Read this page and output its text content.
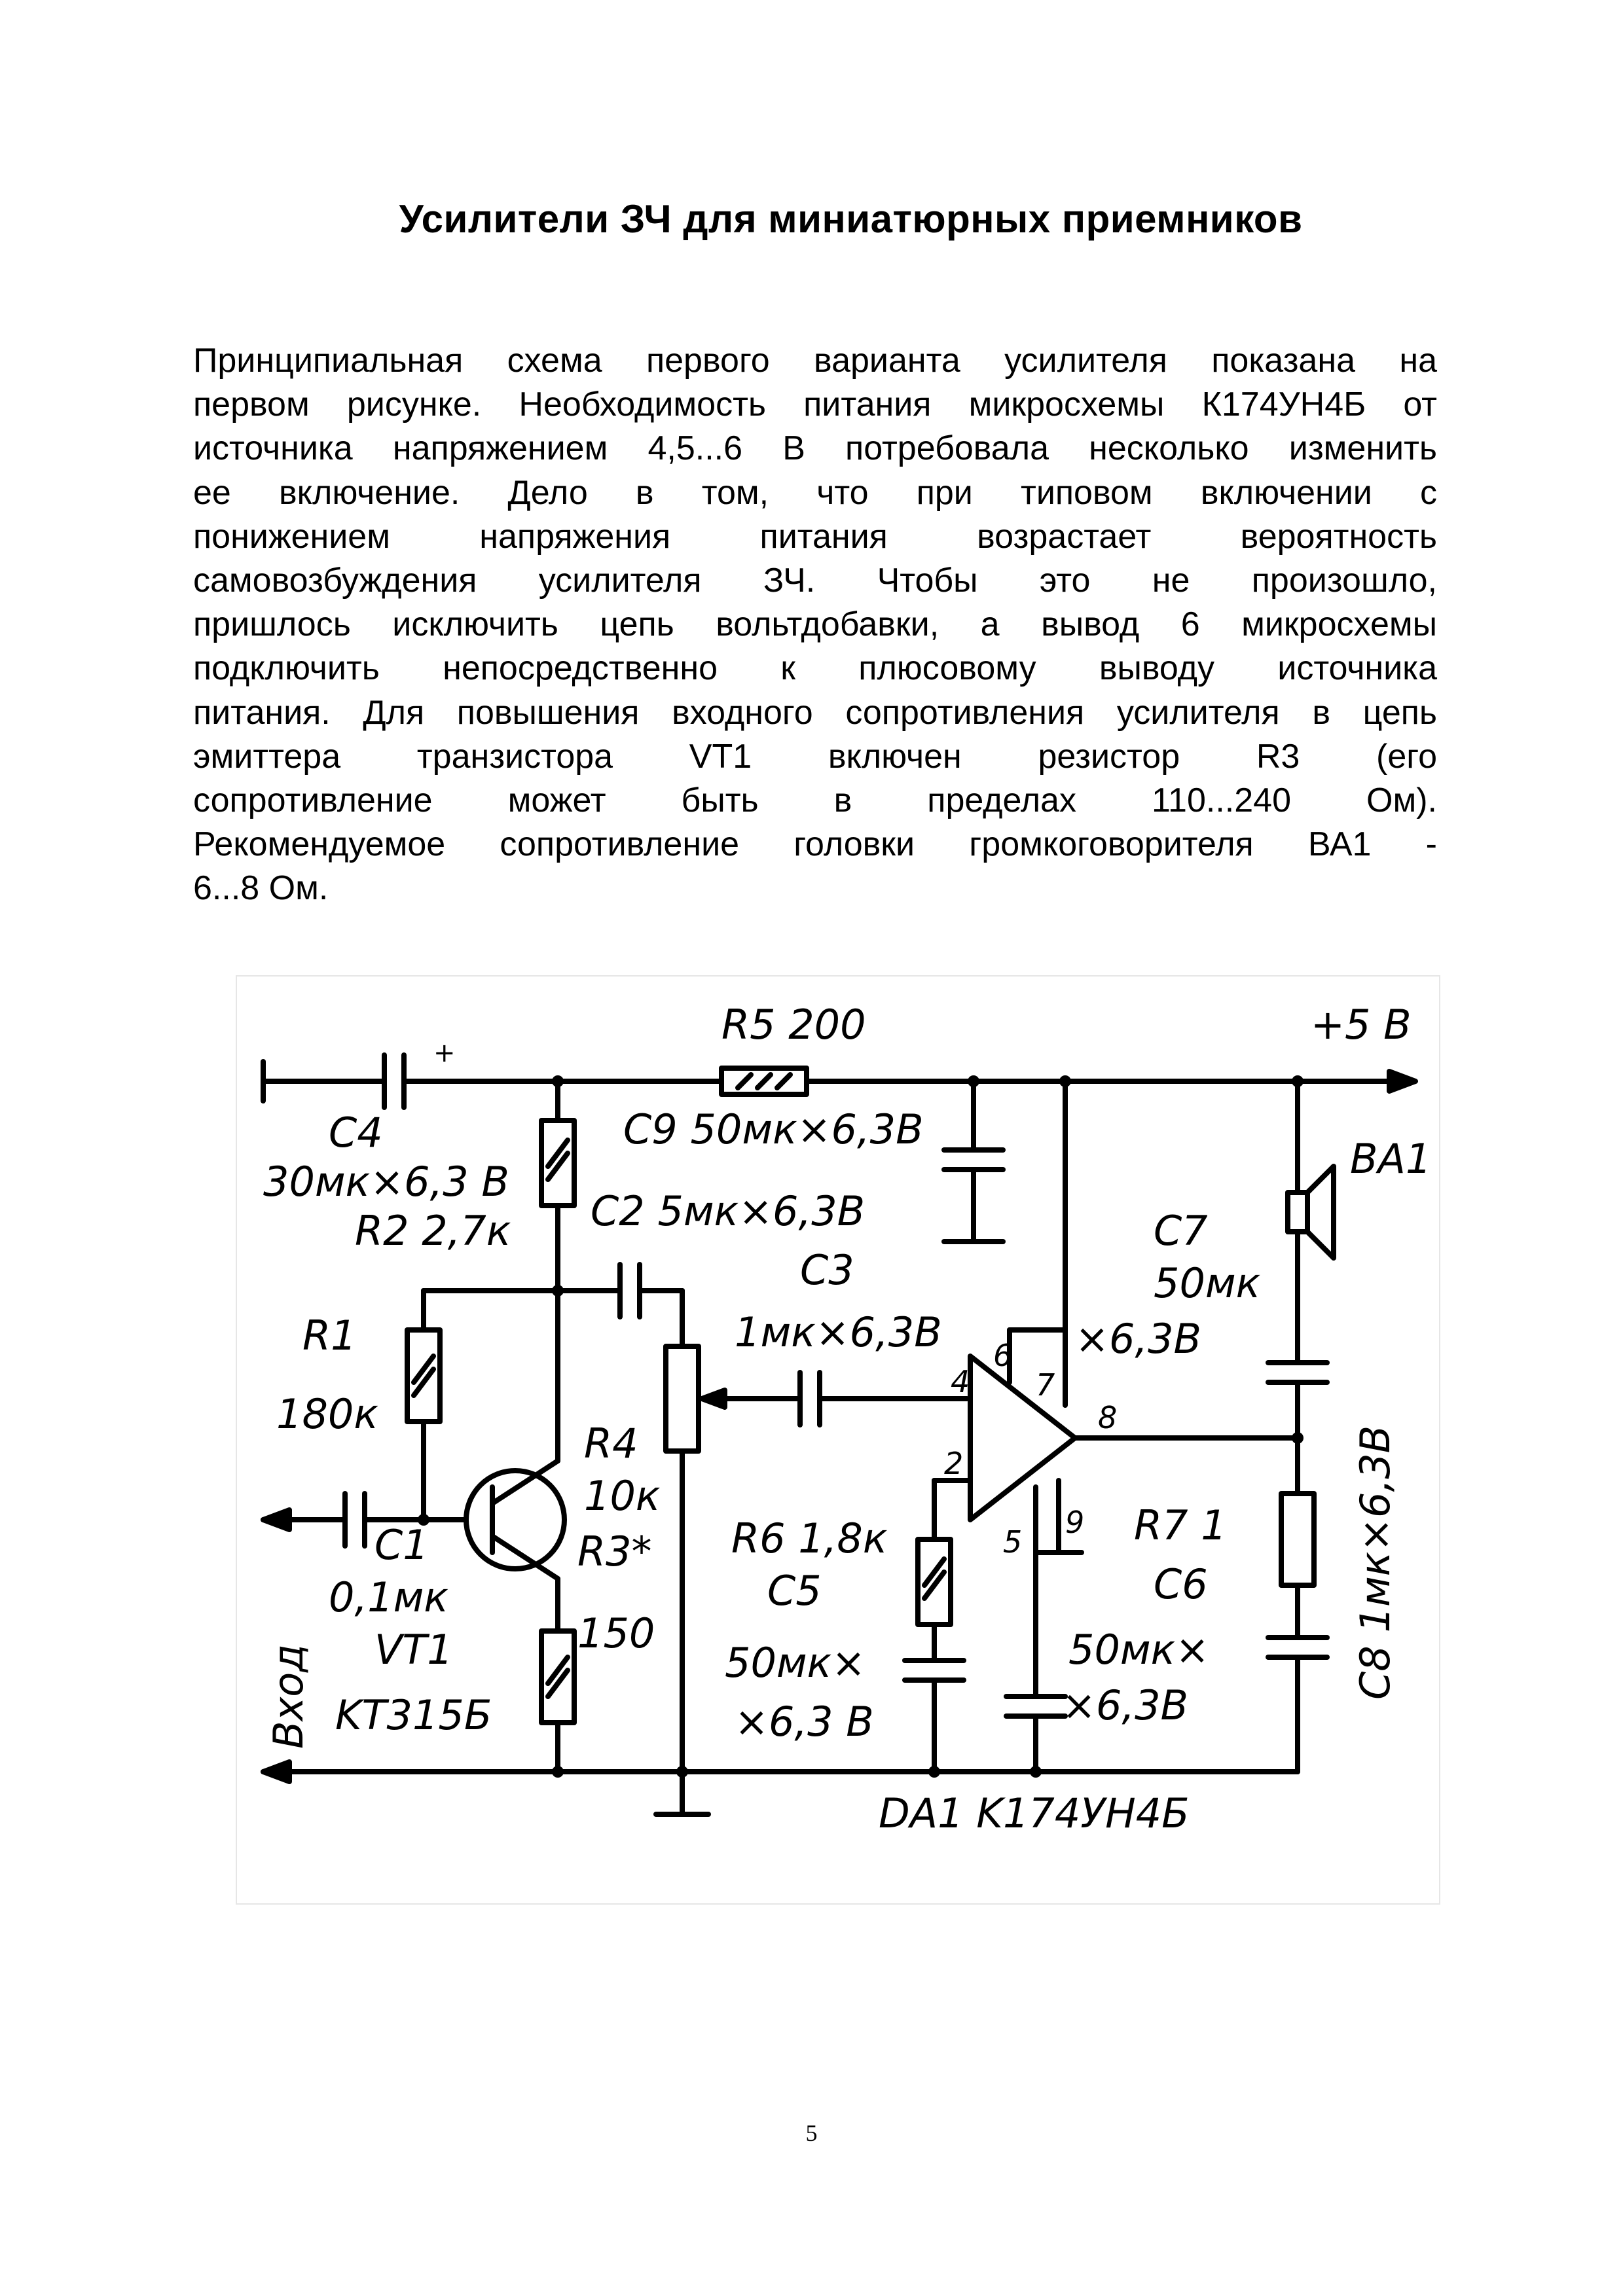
Усилители ЗЧ для миниатюрных приемников
Принципиальная схема первого варианта усилителя показана на
первом рисунке. Необходимость питания микросхемы К174УН4Б от
источника напряжением 4,5...6 В потребовала несколько изменить
ее включение. Дело в том, что при типовом включении с
понижением напряжения питания возрастает вероятность
самовозбуждения усилителя ЗЧ. Чтобы это не произошло,
пришлось исключить цепь вольтдобавки, а вывод 6 микросхемы
подключить непосредственно к плюсовому выводу источника
питания. Для повышения входного сопротивления усилителя в цепь
эмиттера транзистора VT1 включен резистор R3 (его
сопротивление может быть в пределах 110...240 Ом).
Рекомендуемое сопротивление головки громкоговорителя ВА1 -
6...8 Ом.
R5 200	+5 B
+
C4
30мк×6,3 B
C9 50мк×6,3B
BA1
R2 2,7к C2 5мк×6,3B	C7
50мк
×6,3B
C3
1мк×6,3B
R1
180к
R4
10к
R3*
150
C1
0,1мк
VT1
KT315Б
Bход
R6 1,8к
C5
50мк×
×6,3 B
R7 1
C6
50мк×
×6,3B
C8 1мк×6,3B
DA1 K174УН4Б
4
6
7
8
2
5
9
5
